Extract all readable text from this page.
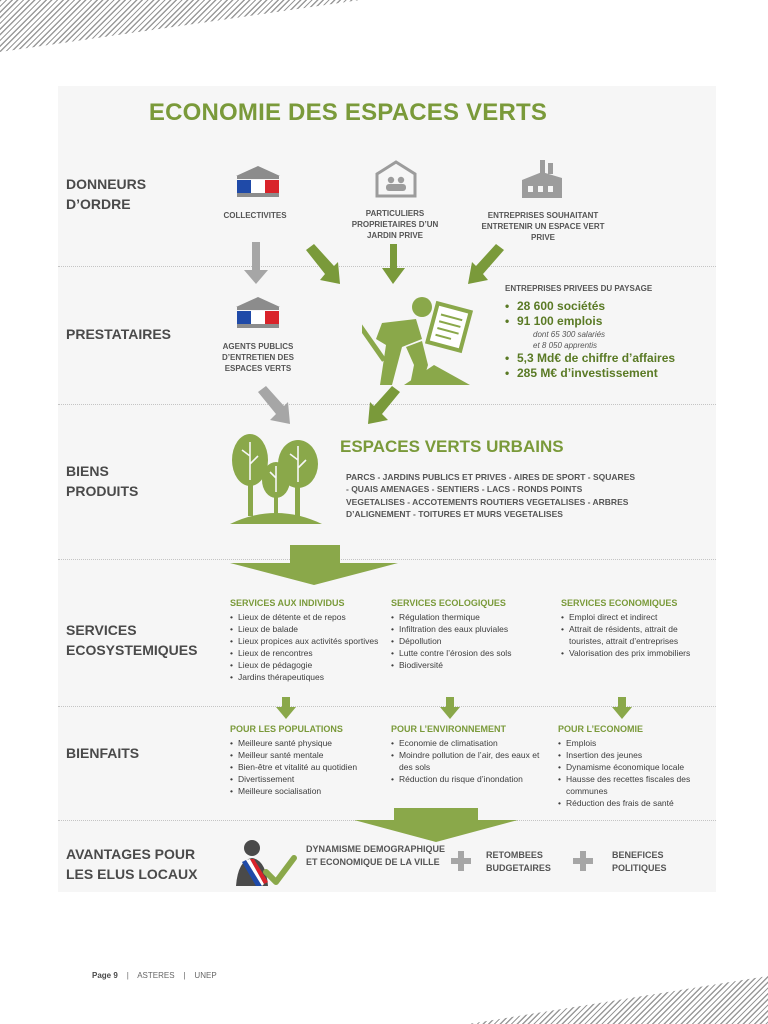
ECONOMIE DES ESPACES VERTS
DONNEURS D’ORDRE
PRESTATAIRES
BIENS PRODUITS
SERVICES ECOSYSTEMIQUES
BIENFAITS
AVANTAGES POUR LES ELUS LOCAUX
COLLECTIVITES	PARTICULIERS PROPRIETAIRES D’UN JARDIN PRIVE
ENTREPRISES SOUHAITANT ENTRETENIR UN ESPACE VERT PRIVE
AGENTS PUBLICS D’ENTRETIEN DES ESPACES VERTS
ENTREPRISES PRIVEES DU PAYSAGE
• 28 600 sociétés
• 91 100 emplois
dont 65 300 salariés
et 8 050 apprentis
• 5,3 Md€ de chiffre d’affaires
• 285 M€ d’investissement
ESPACES VERTS URBAINS
PARCS - JARDINS PUBLICS ET PRIVES - AIRES DE SPORT - SQUARES - QUAIS AMENAGES - SENTIERS - LACS - RONDS POINTS VEGETALISES - ACCOTEMENTS ROUTIERS VEGETALISES - ARBRES D’ALIGNEMENT - TOITURES ET MURS VEGETALISES
SERVICES AUX INDIVIDUS
• Lieux de détente et de repos
• Lieux de balade
• Lieux propices aux activités sportives
• Lieux de rencontres
• Lieux de pédagogie
• Jardins thérapeutiques
SERVICES ECOLOGIQUES
• Régulation thermique
• Infiltration des eaux pluviales
• Dépollution
• Lutte contre l’érosion des sols
• Biodiversité
SERVICES ECONOMIQUES
• Emploi direct et indirect
• Attrait de résidents, attrait de touristes, attrait d’entreprises
• Valorisation des prix immobiliers
POUR LES POPULATIONS
• Meilleure santé physique
• Meilleur santé mentale
• Bien-être et vitalité au quotidien
• Divertissement
• Meilleure socialisation
POUR L’ENVIRONNEMENT
• Economie de climatisation
• Moindre pollution de l’air, des eaux et des sols
• Réduction du risque d’inondation
POUR L’ECONOMIE
• Emplois
• Insertion des jeunes
• Dynamisme économique locale
• Hausse des recettes fiscales des communes
• Réduction des frais de santé
DYNAMISME DEMOGRAPHIQUE ET ECONOMIQUE DE LA VILLE
RETOMBEES BUDGETAIRES
BENEFICES POLITIQUES
Page 9 | ASTERES | UNEP
